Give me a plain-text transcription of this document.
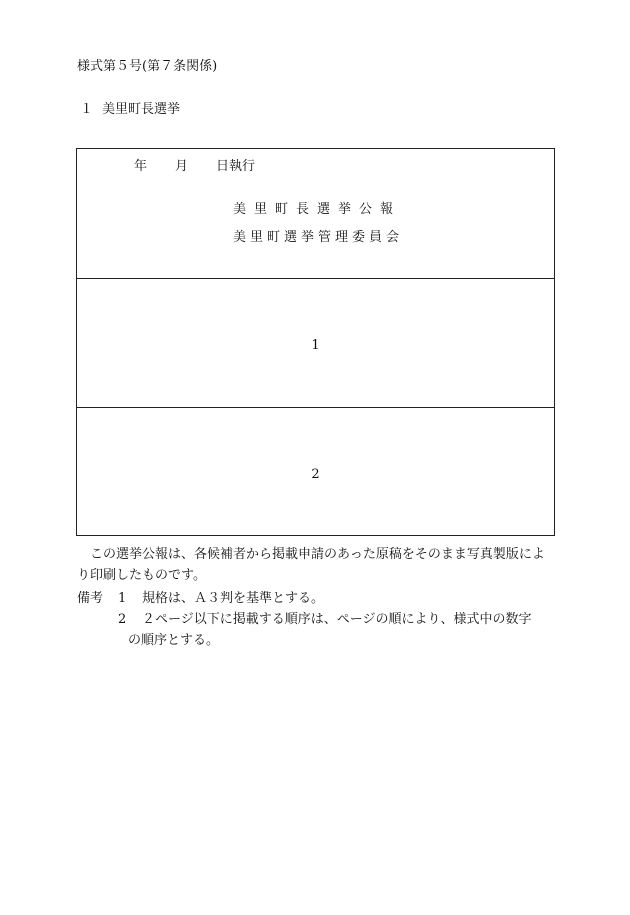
様式第５号(第７条関係)
１ 美里町長選挙
年 月 日執行
美里町長選挙公報
美里町選挙管理委員会
1
2
この選挙公報は、各候補者から掲載申請のあった原稿をそのまま写真製版により印刷したものです。
備考 1 規格は、Ａ３判を基準とする。
2 ２ページ以下に掲載する順序は、ページの順により、様式中の数字
の順序とする。
